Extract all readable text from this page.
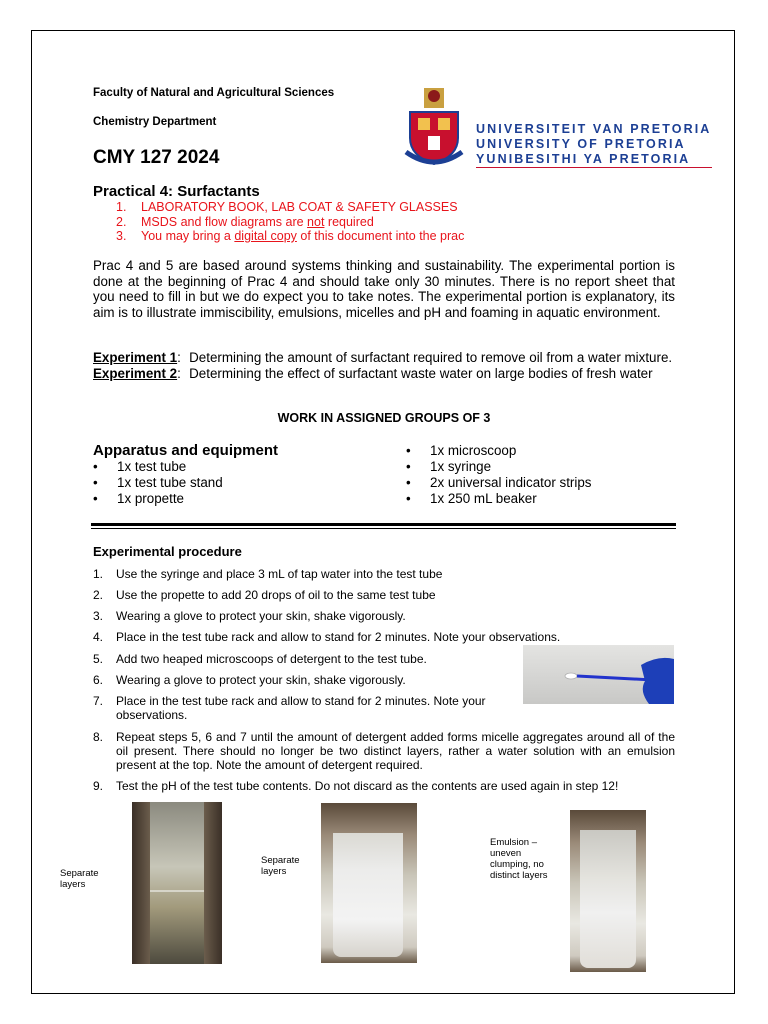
Faculty of Natural and Agricultural Sciences
Chemistry Department
CMY 127 2024
UNIVERSITEIT VAN PRETORIA
UNIVERSITY OF PRETORIA
YUNIBESITHI YA PRETORIA
Practical 4: Surfactants
1. LABORATORY BOOK, LAB COAT & SAFETY GLASSES
2. MSDS and flow diagrams are not required
3. You may bring a digital copy of this document into the prac
Prac 4 and 5 are based around systems thinking and sustainability. The experimental portion is done at the beginning of Prac 4 and should take only 30 minutes. There is no report sheet that you need to fill in but we do expect you to take notes. The experimental portion is explanatory, its aim is to illustrate immiscibility, emulsions, micelles and pH and foaming in aquatic environment.
Experiment 1 : Determining the amount of surfactant required to remove oil from a water mixture.
Experiment 2 : Determining the effect of surfactant waste water on large bodies of fresh water
WORK IN ASSIGNED GROUPS OF 3
Apparatus and equipment
•	1x test tube
•	1x test tube stand
•	1x propette
•	1x microscoop
•	1x syringe
•	2x universal indicator strips
•	1x 250 mL beaker
Experimental procedure
1.	Use the syringe and place 3 mL of tap water into the test tube
2.	Use the propette to add 20 drops of oil to the same test tube
3.	Wearing a glove to protect your skin, shake vigorously.
4.	Place in the test tube rack and allow to stand for 2 minutes. Note your observations.
5.	Add two heaped microscoops of detergent to the test tube.
6.	Wearing a glove to protect your skin, shake vigorously.
7.	Place in the test tube rack and allow to stand for 2 minutes. Note your observations.
8.	Repeat steps 5, 6 and 7 until the amount of detergent added forms micelle aggregates around all of the oil present. There should no longer be two distinct layers, rather a water solution with an emulsion present at the top. Note the amount of detergent required.
9.	Test the pH of the test tube contents. Do not discard as the contents are used again in step 12!
Separate layers
Separate layers
Emulsion – uneven clumping, no distinct layers
